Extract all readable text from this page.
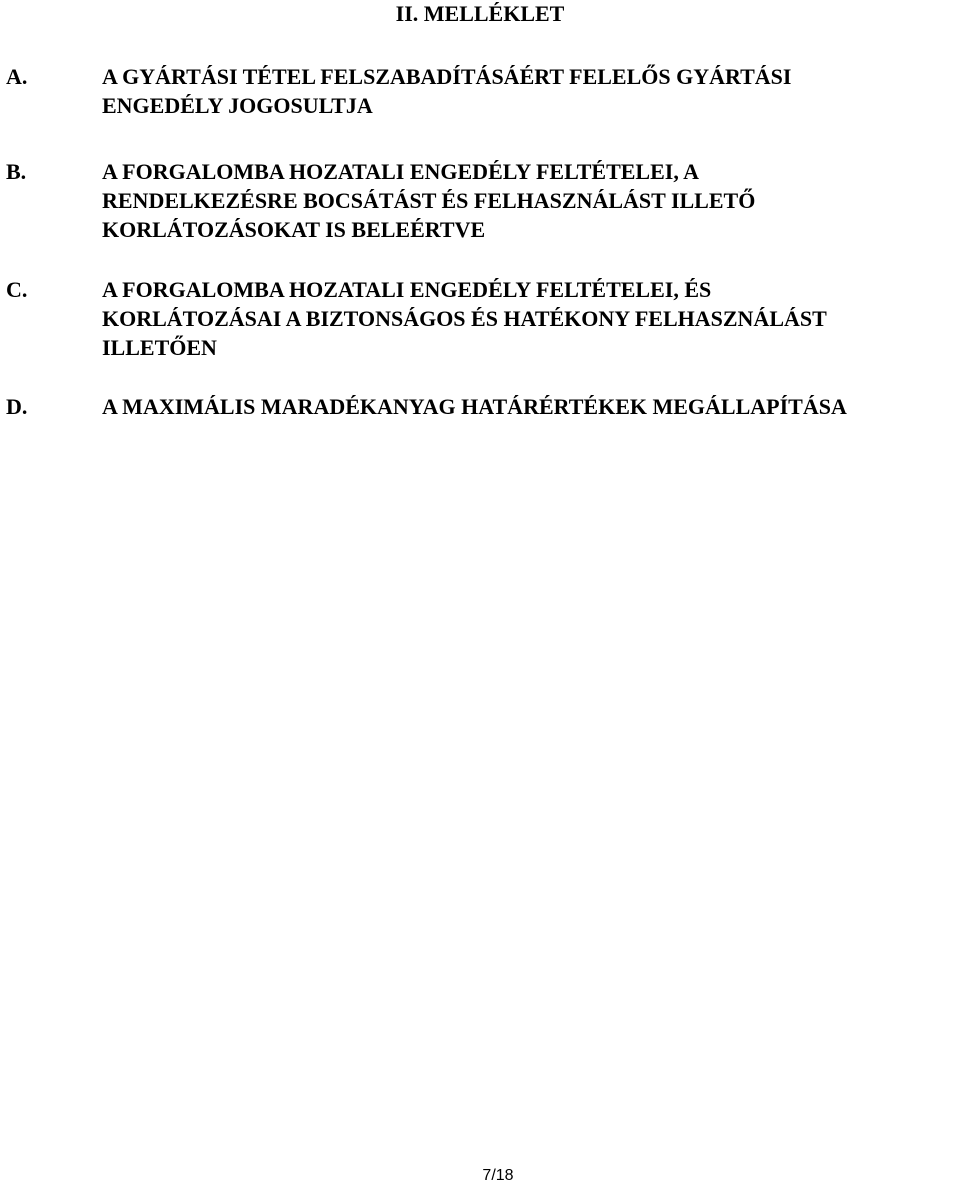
II. MELLÉKLET
A.	A GYÁRTÁSI TÉTEL FELSZABADÍTÁSÁÉRT FELELŐS GYÁRTÁSI
ENGEDÉLY JOGOSULTJA
B.	A FORGALOMBA HOZATALI ENGEDÉLY FELTÉTELEI, A
RENDELKEZÉSRE BOCSÁTÁST ÉS FELHASZNÁLÁST ILLETŐ
KORLÁTOZÁSOKAT IS BELEÉRTVE
C.	A FORGALOMBA HOZATALI ENGEDÉLY FELTÉTELEI, ÉS
KORLÁTOZÁSAI A BIZTONSÁGOS ÉS HATÉKONY FELHASZNÁLÁST
ILLETŐEN
D.	A MAXIMÁLIS MARADÉKANYAG HATÁRÉRTÉKEK MEGÁLLAPÍTÁSA
7/18
